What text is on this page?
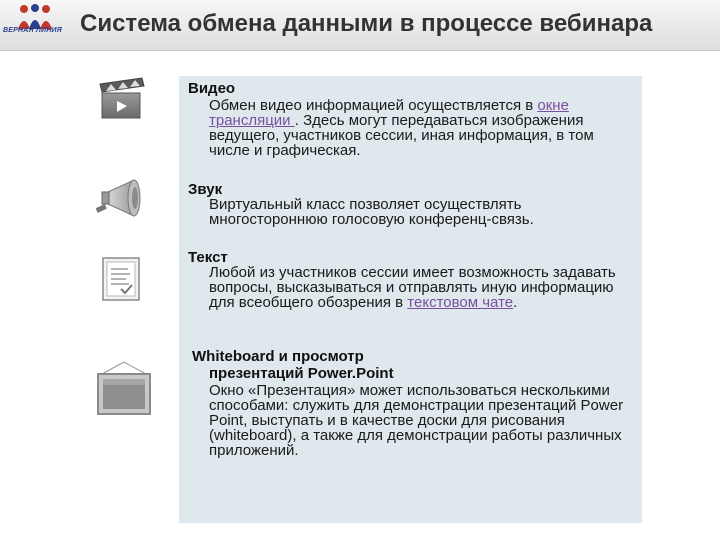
ВЕРНАЯ ЛИНИЯ Система обмена данными в процессе вебинара
Видео
Обмен видео информацией осуществляется в окне трансляции . Здесь могут передаваться изображения ведущего, участников сессии, иная информация, в том числе и графическая.
Звук
Виртуальный класс позволяет осуществлять многостороннюю голосовую конференц-связь.
Текст
Любой из участников сессии имеет возможность задавать вопросы, высказываться и отправлять иную информацию для всеобщего обозрения в текстовом чате.
Whiteboard и просмотр
презентаций Power.Point
Окно «Презентация» может использоваться несколькими способами: служить для демонстрации презентаций Power Point, выступать и в качестве доски для рисования (whiteboard), а также для демонстрации работы различных приложений.
